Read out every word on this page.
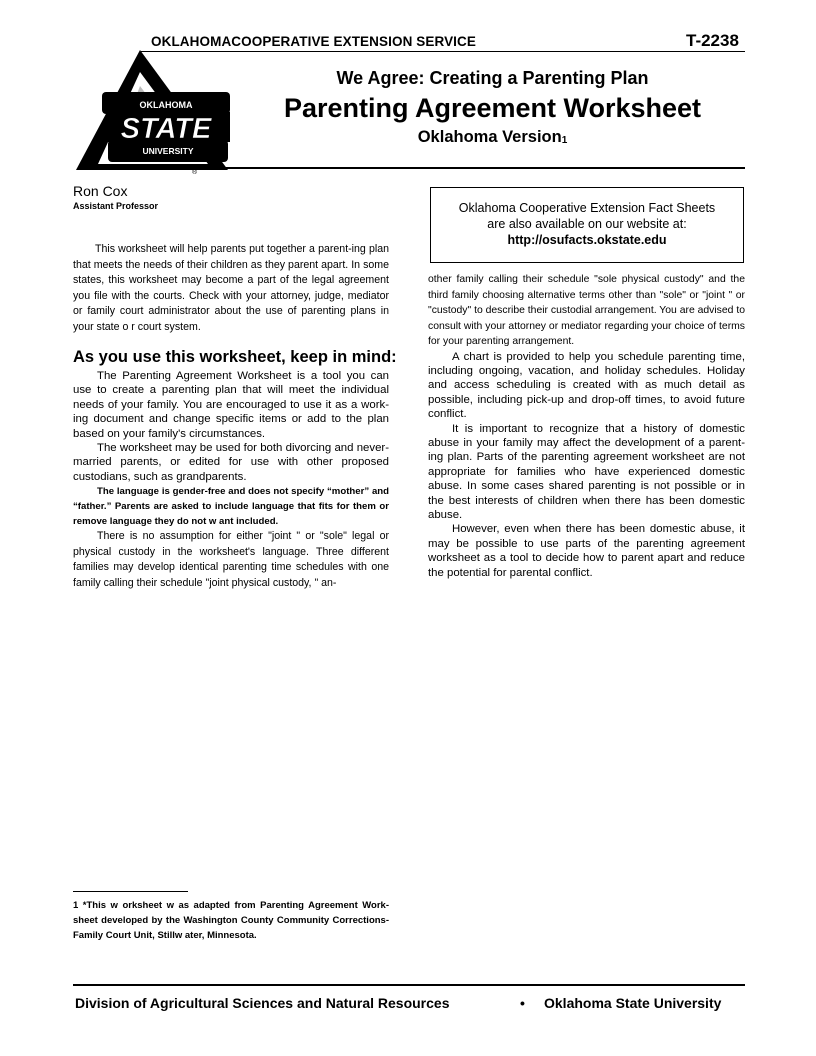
OKLAHOMACOOPERATIVE EXTENSION SERVICE	T-2238
OKLAHOMA
STATE
UNIVERSITY
®
We Agree: Creating a Parenting Plan
Parenting Agreement Worksheet
Oklahoma Version$_1$
Ron Cox
Assistant Professor

This worksheet will help parents put together a parent-ing plan that meets the needs of their children as they parent apart. In some states, this worksheet may become a part of the legal agreement you file with the courts. Check with your attorney, judge, mediator or family court administrator about the use of parenting plans in your state o r court system.

As you use this worksheet, keep in mind:

The Parenting Agreement Worksheet is a tool you can use to create a parenting plan that will meet the individual needs of your family. You are encouraged to use it as a work-ing document and change specific items or add to the plan based on your family's circumstances.

The worksheet may be used for both divorcing and never-married parents, or edited for use with other proposed custodians, such as grandparents.

The language is gender-free and does not specify “mother” and “father.” Parents are asked to include language that fits for them or remove language they do not w ant included.

There is no assumption for either "joint " or "sole" legal or physical custody in the worksheet's language. Three different families may develop identical parenting time schedules with one family calling their schedule "joint physical custody, " an-

Oklahoma Cooperative Extension Fact Sheets
are also available on our website at:
http://osufacts.okstate.edu

other family calling their schedule "sole physical custody" and the third family choosing alternative terms other than "sole" or "joint " or "custody" to describe their custodial arrangement. You are advised to consult with your attorney or mediator regarding your choice of terms for your parenting arrangement.

A chart is provided to help you schedule parenting time, including ongoing, vacation, and holiday schedules. Holiday and access scheduling is created with as much detail as possible, including pick-up and drop-off times, to avoid future conflict.

It is important to recognize that a history of domestic abuse in your family may affect the development of a parent-ing plan. Parts of the parenting agreement worksheet are not appropriate for families who have experienced domestic abuse. In some cases shared parenting is not possible or in the best interests of children when there has been domestic abuse.

However, even when there has been domestic abuse, it may be possible to use parts of the parenting agreement worksheet as a tool to decide how to parent apart and reduce the potential for parental conflict.

1 *This w orksheet w as adapted from Parenting Agreement Work-sheet developed by the Washington County Community Corrections-Family Court Unit, Stillw ater, Minnesota.
Division of Agricultural Sciences and Natural Resources	• Oklahoma State University
